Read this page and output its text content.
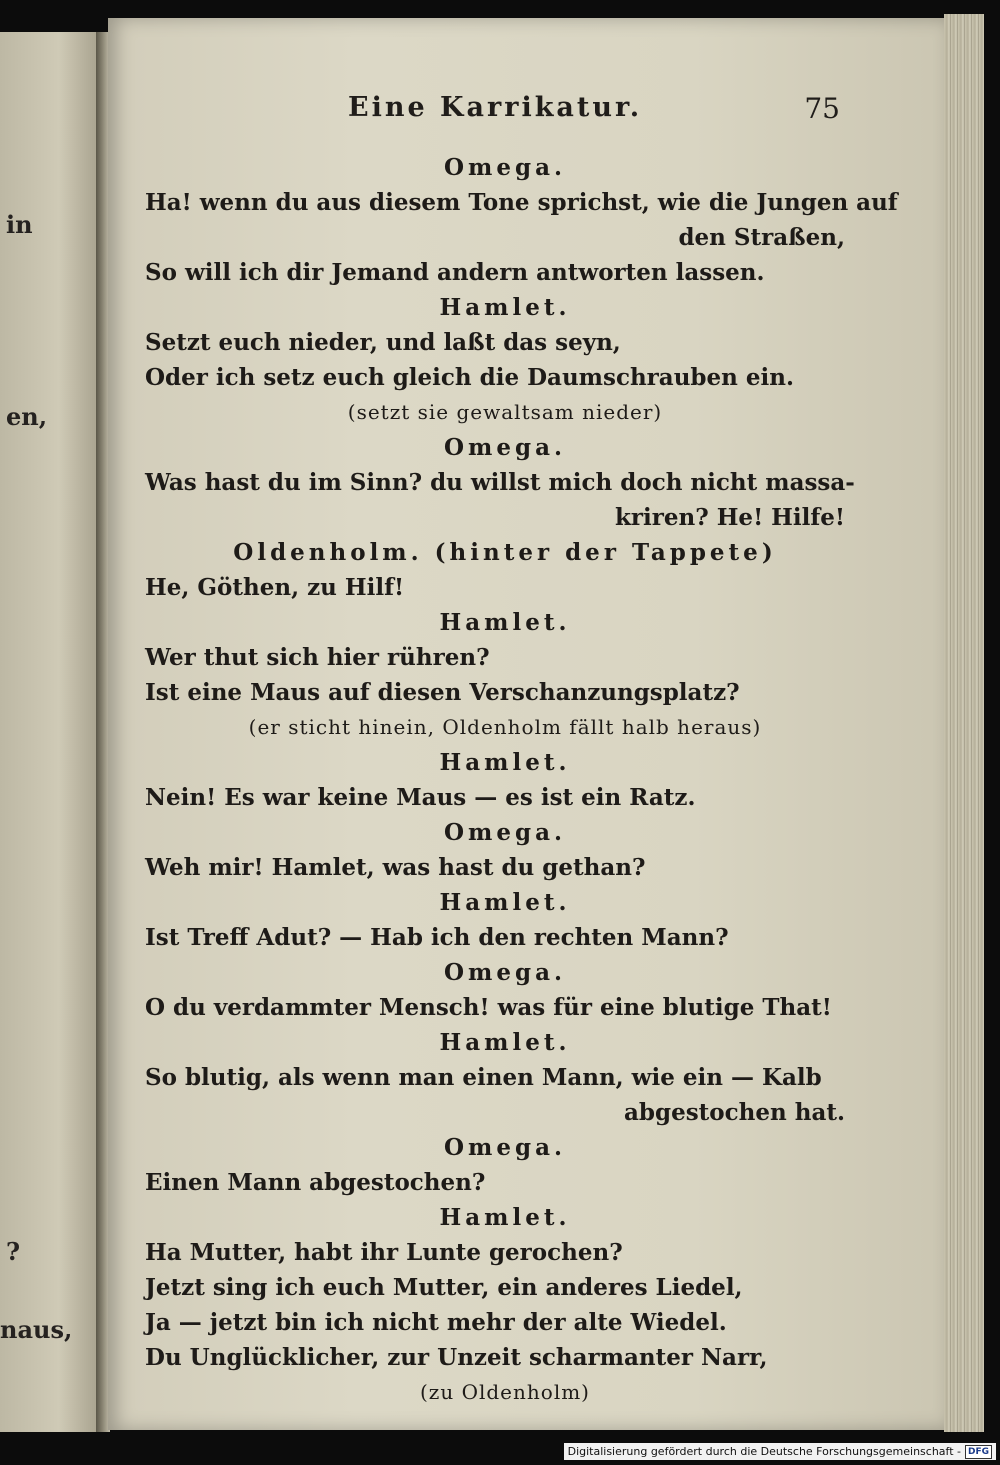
in
en,
?
naus,
Eine Karrikatur.	75
Omega.
Ha! wenn du aus diesem Tone sprichst, wie die Jungen auf
den Straßen,
So will ich dir Jemand andern antworten lassen.
Hamlet.
Setzt euch nieder, und laßt das seyn,
Oder ich setz euch gleich die Daumschrauben ein.
(setzt sie gewaltsam nieder)
Omega.
Was hast du im Sinn? du willst mich doch nicht massa-
kriren? He! Hilfe!
Oldenholm. (hinter der Tappete)
He, Göthen, zu Hilf!
Hamlet.
Wer thut sich hier rühren?
Ist eine Maus auf diesen Verschanzungsplatz?
(er sticht hinein, Oldenholm fällt halb heraus)
Hamlet.
Nein! Es war keine Maus — es ist ein Ratz.
Omega.
Weh mir! Hamlet, was hast du gethan?
Hamlet.
Ist Treff Adut? — Hab ich den rechten Mann?
Omega.
O du verdammter Mensch! was für eine blutige That!
Hamlet.
So blutig, als wenn man einen Mann, wie ein — Kalb
abgestochen hat.
Omega.
Einen Mann abgestochen?
Hamlet.
Ha Mutter, habt ihr Lunte gerochen?
Jetzt sing ich euch Mutter, ein anderes Liedel,
Ja — jetzt bin ich nicht mehr der alte Wiedel.
Du Unglücklicher, zur Unzeit scharmanter Narr,
(zu Oldenholm)
Digitalisierung gefördert durch die Deutsche Forschungsgemeinschaft - DFG
